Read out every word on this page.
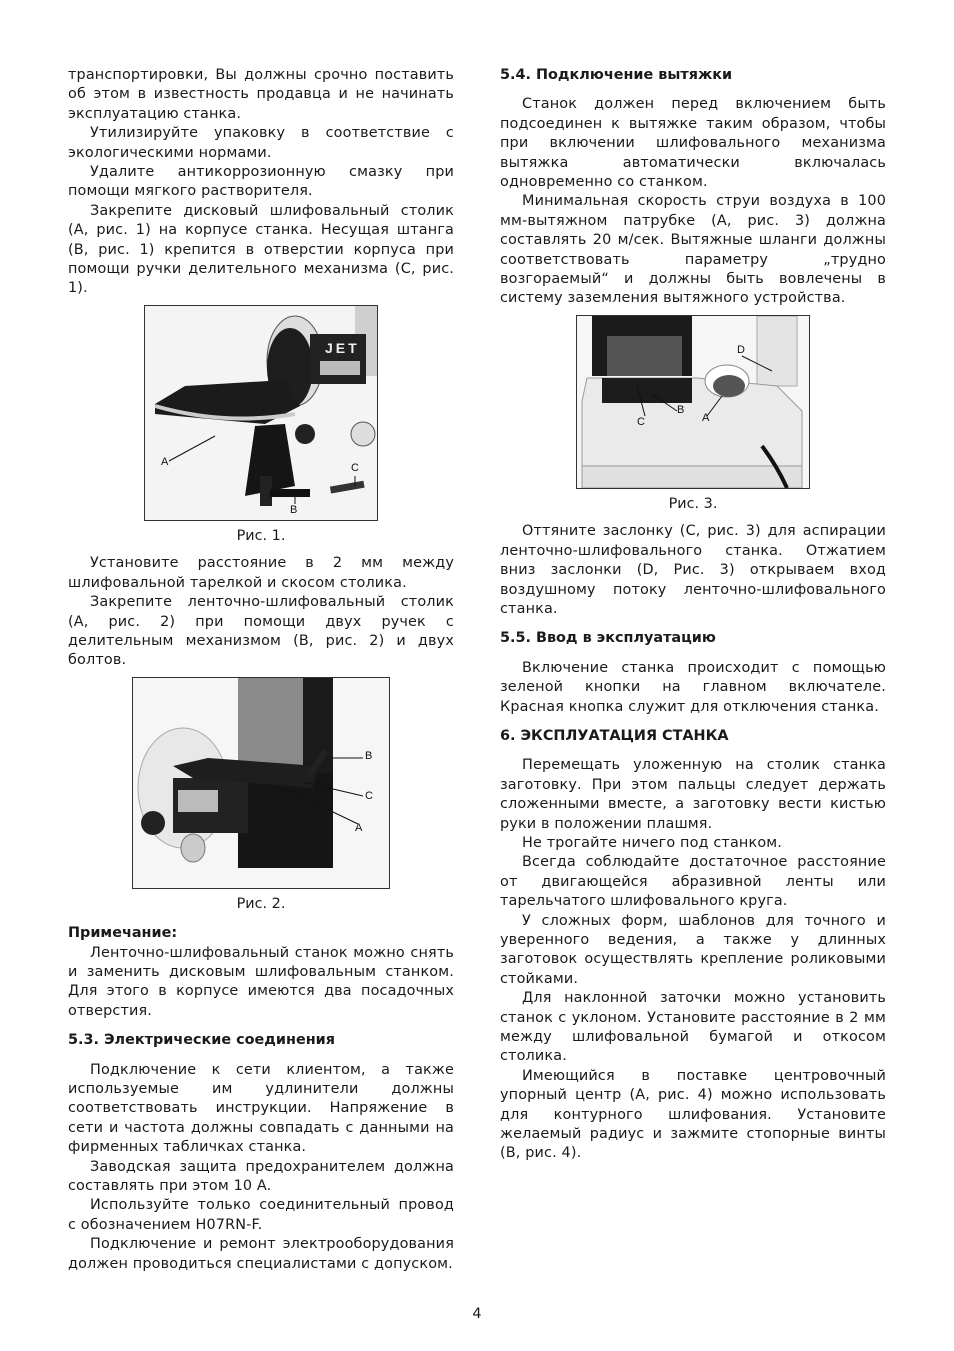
транспортировки, Вы должны срочно поставить об этом в известность продавца и не начинать эксплуатацию станка.

Утилизируйте упаковку в соответствие с экологическими нормами.

Удалите антикоррозионную смазку при помощи мягкого растворителя.

Закрепите дисковый шлифовальный столик (A, рис. 1) на корпусе станка. Несущая штанга (B, рис. 1) крепится в отверстии корпуса при помощи ручки делительного механизма (C, рис. 1).

A
B
C
JET
Рис. 1.

Установите расстояние в 2 мм между шлифовальной тарелкой и скосом столика.

Закрепите ленточно-шлифовальный столик (A, рис. 2) при помощи двух ручек с делительным механизмом (B, рис. 2) и двух болтов.

B
C
A
Рис. 2.
Примечание:

Ленточно-шлифовальный станок можно снять и заменить дисковым шлифовальным станком. Для этого в корпусе имеются два посадочных отверстия.

5.3. Электрические соединения

Подключение к сети клиентом, а также используемые им удлинители должны соответствовать инструкции. Напряжение в сети и частота должны совпадать с данными на фирменных табличках станка.

Заводская защита предохранителем должна составлять при этом 10 A.

Используйте только соединительный провод с обозначением H07RN-F.

Подключение и ремонт электрооборудования должен проводиться специалистами с допуском.

5.4. Подключение вытяжки

Станок должен перед включением быть подсоединен к вытяжке таким образом, чтобы при включении шлифовального механизма вытяжка автоматически включалась одновременно со станком.

Минимальная скорость струи воздуха в 100 мм-вытяжном патрубке (A, рис. 3) должна составлять 20 м/сек. Вытяжные шланги должны соответствовать параметру „трудно возгораемый“ и должны быть вовлечены в систему заземления вытяжного устройства.

D
B
C	A
Рис. 3.

Оттяните заслонку (C, рис. 3) для аспирации ленточно-шлифовального станка. Отжатием вниз заслонки (D, Рис. 3) открываем вход воздушному потоку ленточно-шлифовального станка.

5.5. Ввод в эксплуатацию

Включение станка происходит с помощью зеленой кнопки на главном включателе. Красная кнопка служит для отключения станка.

6. ЭКСПЛУАТАЦИЯ СТАНКА

Перемещать уложенную на столик станка заготовку. При этом пальцы следует держать сложенными вместе, а заготовку вести кистью руки в положении плашмя.

Не трогайте ничего под станком.

Всегда соблюдайте достаточное расстояние от двигающейся абразивной ленты или тарельчатого шлифовального круга.

У сложных форм, шаблонов для точного и уверенного ведения, а также у длинных заготовок осуществлять крепление роликовыми стойками.

Для наклонной заточки можно установить станок с уклоном. Установите расстояние в 2 мм между шлифовальной бумагой и откосом столика.

Имеющийся в поставке центровочный упорный центр (A, рис. 4) можно использовать для контурного шлифования. Установите желаемый радиус и зажмите стопорные винты (B, рис. 4).

4
